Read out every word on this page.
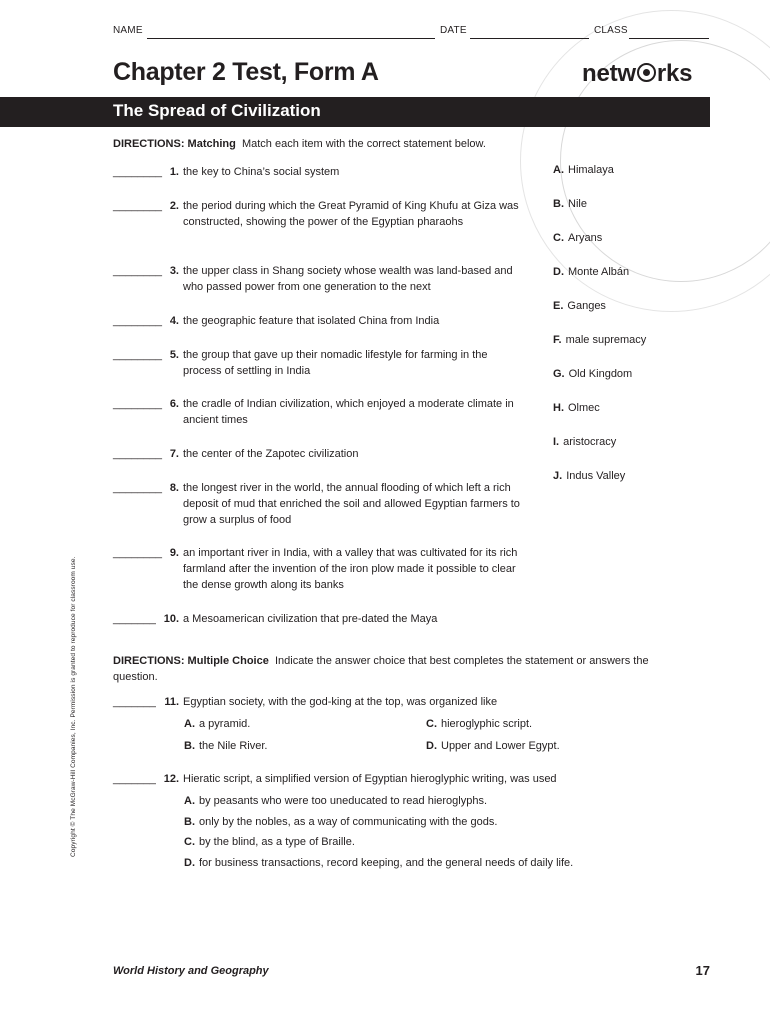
NAME	DATE	CLASS
Chapter 2 Test, Form A	netw rks
The Spread of Civilization
DIRECTIONS: Matching Match each item with the correct statement below.
________ 1. the key to China’s social system
________ 2. the period during which the Great Pyramid of King Khufu at Giza was constructed, showing the power of the Egyptian pharaohs
________ 3. the upper class in Shang society whose wealth was land-based and who passed power from one generation to the next
________ 4. the geographic feature that isolated China from India
________ 5. the group that gave up their nomadic lifestyle for farming in the process of settling in India
________ 6. the cradle of Indian civilization, which enjoyed a moderate climate in ancient times
________ 7. the center of the Zapotec civilization
________ 8. the longest river in the world, the annual flooding of which left a rich deposit of mud that enriched the soil and allowed Egyptian farmers to grow a surplus of food
________ 9. an important river in India, with a valley that was cultivated for its rich farmland after the invention of the iron plow made it possible to clear the dense growth along its banks
_______ 10. a Mesoamerican civilization that pre-dated the Maya
A. Himalaya
B. Nile
C. Aryans
D. Monte Albán
E. Ganges
F. male supremacy
G. Old Kingdom
H. Olmec
I. aristocracy
J. Indus Valley
DIRECTIONS: Multiple Choice Indicate the answer choice that best completes the statement or answers the question.
_______ 11. Egyptian society, with the god-king at the top, was organized like
A. a pyramid.	C. hieroglyphic script.
B. the Nile River.	D. Upper and Lower Egypt.
_______ 12. Hieratic script, a simplified version of Egyptian hieroglyphic writing, was used
A. by peasants who were too uneducated to read hieroglyphs.
B. only by the nobles, as a way of communicating with the gods.
C. by the blind, as a type of Braille.
D. for business transactions, record keeping, and the general needs of daily life.
Copyright © The McGraw-Hill Companies, Inc. Permission is granted to reproduce for classroom use.
World History and Geography	17
